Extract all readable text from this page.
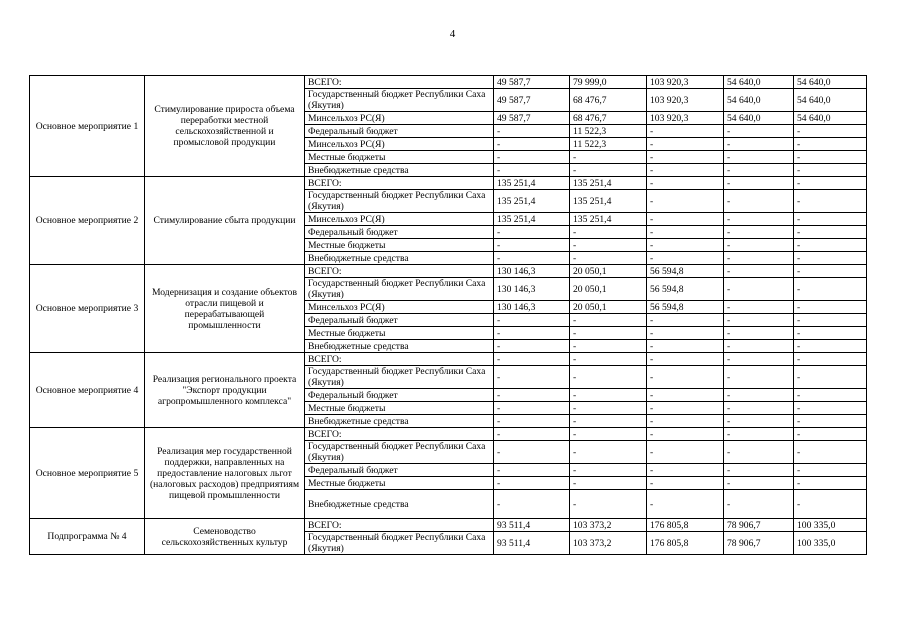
4
Основное мероприятие 1	Стимулирование прироста объема переработки местной сельскохозяйственной и промысловой продукции	ВСЕГО:	49 587,7	79 999,0	103 920,3	54 640,0	54 640,0
		Государственный бюджет Республики Саха (Якутия)	49 587,7	68 476,7	103 920,3	54 640,0	54 640,0
		Минсельхоз РС(Я)	49 587,7	68 476,7	103 920,3	54 640,0	54 640,0
		Федеральный бюджет	-	11 522,3	-	-	-
		Минсельхоз РС(Я)	-	11 522,3	-	-	-
		Местные бюджеты	-	-	-	-	-
		Внебюджетные средства	-	-	-	-	-
Основное мероприятие 2	Стимулирование сбыта продукции	ВСЕГО:	135 251,4	135 251,4	-	-	-
		Государственный бюджет Республики Саха (Якутия)	135 251,4	135 251,4	-	-	-
		Минсельхоз РС(Я)	135 251,4	135 251,4	-	-	-
		Федеральный бюджет	-	-	-	-	-
		Местные бюджеты	-	-	-	-	-
		Внебюджетные средства	-	-	-	-	-
Основное мероприятие 3	Модернизация и создание объектов отрасли пищевой и перерабатывающей промышленности	ВСЕГО:	130 146,3	20 050,1	56 594,8	-	-
		Государственный бюджет Республики Саха (Якутия)	130 146,3	20 050,1	56 594,8	-	-
		Минсельхоз РС(Я)	130 146,3	20 050,1	56 594,8	-	-
		Федеральный бюджет	-	-	-	-	-
		Местные бюджеты	-	-	-	-	-
		Внебюджетные средства	-	-	-	-	-
Основное мероприятие 4	Реализация регионального проекта "Экспорт продукции агропромышленного комплекса"	ВСЕГО:	-	-	-	-	-
		Государственный бюджет Республики Саха (Якутия)	-	-	-	-	-
		Федеральный бюджет	-	-	-	-	-
		Местные бюджеты	-	-	-	-	-
		Внебюджетные средства	-	-	-	-	-
Основное мероприятие 5	Реализация мер государственной поддержки, направленных на предоставление налоговых льгот (налоговых расходов) предприятиям пищевой промышленности	ВСЕГО:	-	-	-	-	-
		Государственный бюджет Республики Саха (Якутия)	-	-	-	-	-
		Федеральный бюджет	-	-	-	-	-
		Местные бюджеты	-	-	-	-	-
		Внебюджетные средства	-	-	-	-	-
Подпрограмма № 4	Семеноводство сельскохозяйственных культур	ВСЕГО:	93 511,4	103 373,2	176 805,8	78 906,7	100 335,0
		Государственный бюджет Республики Саха (Якутия)	93 511,4	103 373,2	176 805,8	78 906,7	100 335,0
